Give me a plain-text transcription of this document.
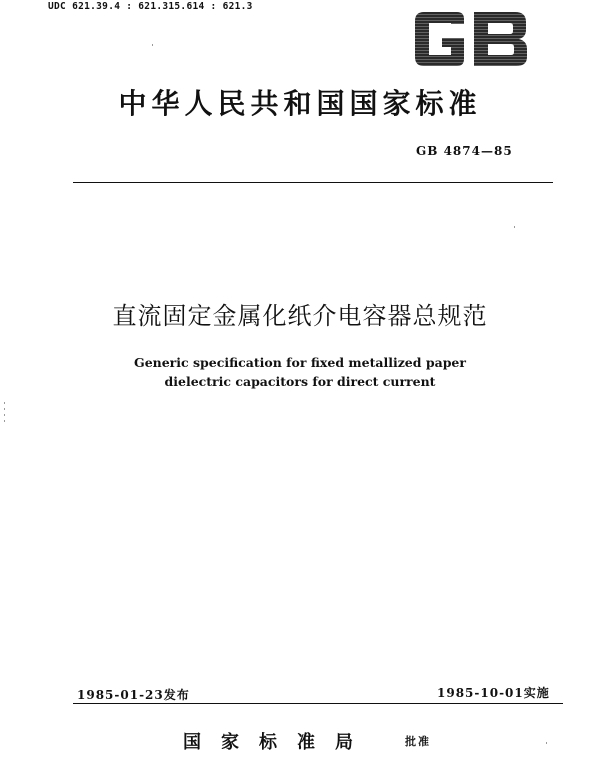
UDC 621.39.4 : 621.315.614 : 621.3
中华人民共和国国家标准
GB 4874—85
直流固定金属化纸介电容器总规范
Generic specification for fixed metallized paper
dielectric capacitors for direct current
1985-01-23发布	1985-10-01实施
国家标准局	批准
